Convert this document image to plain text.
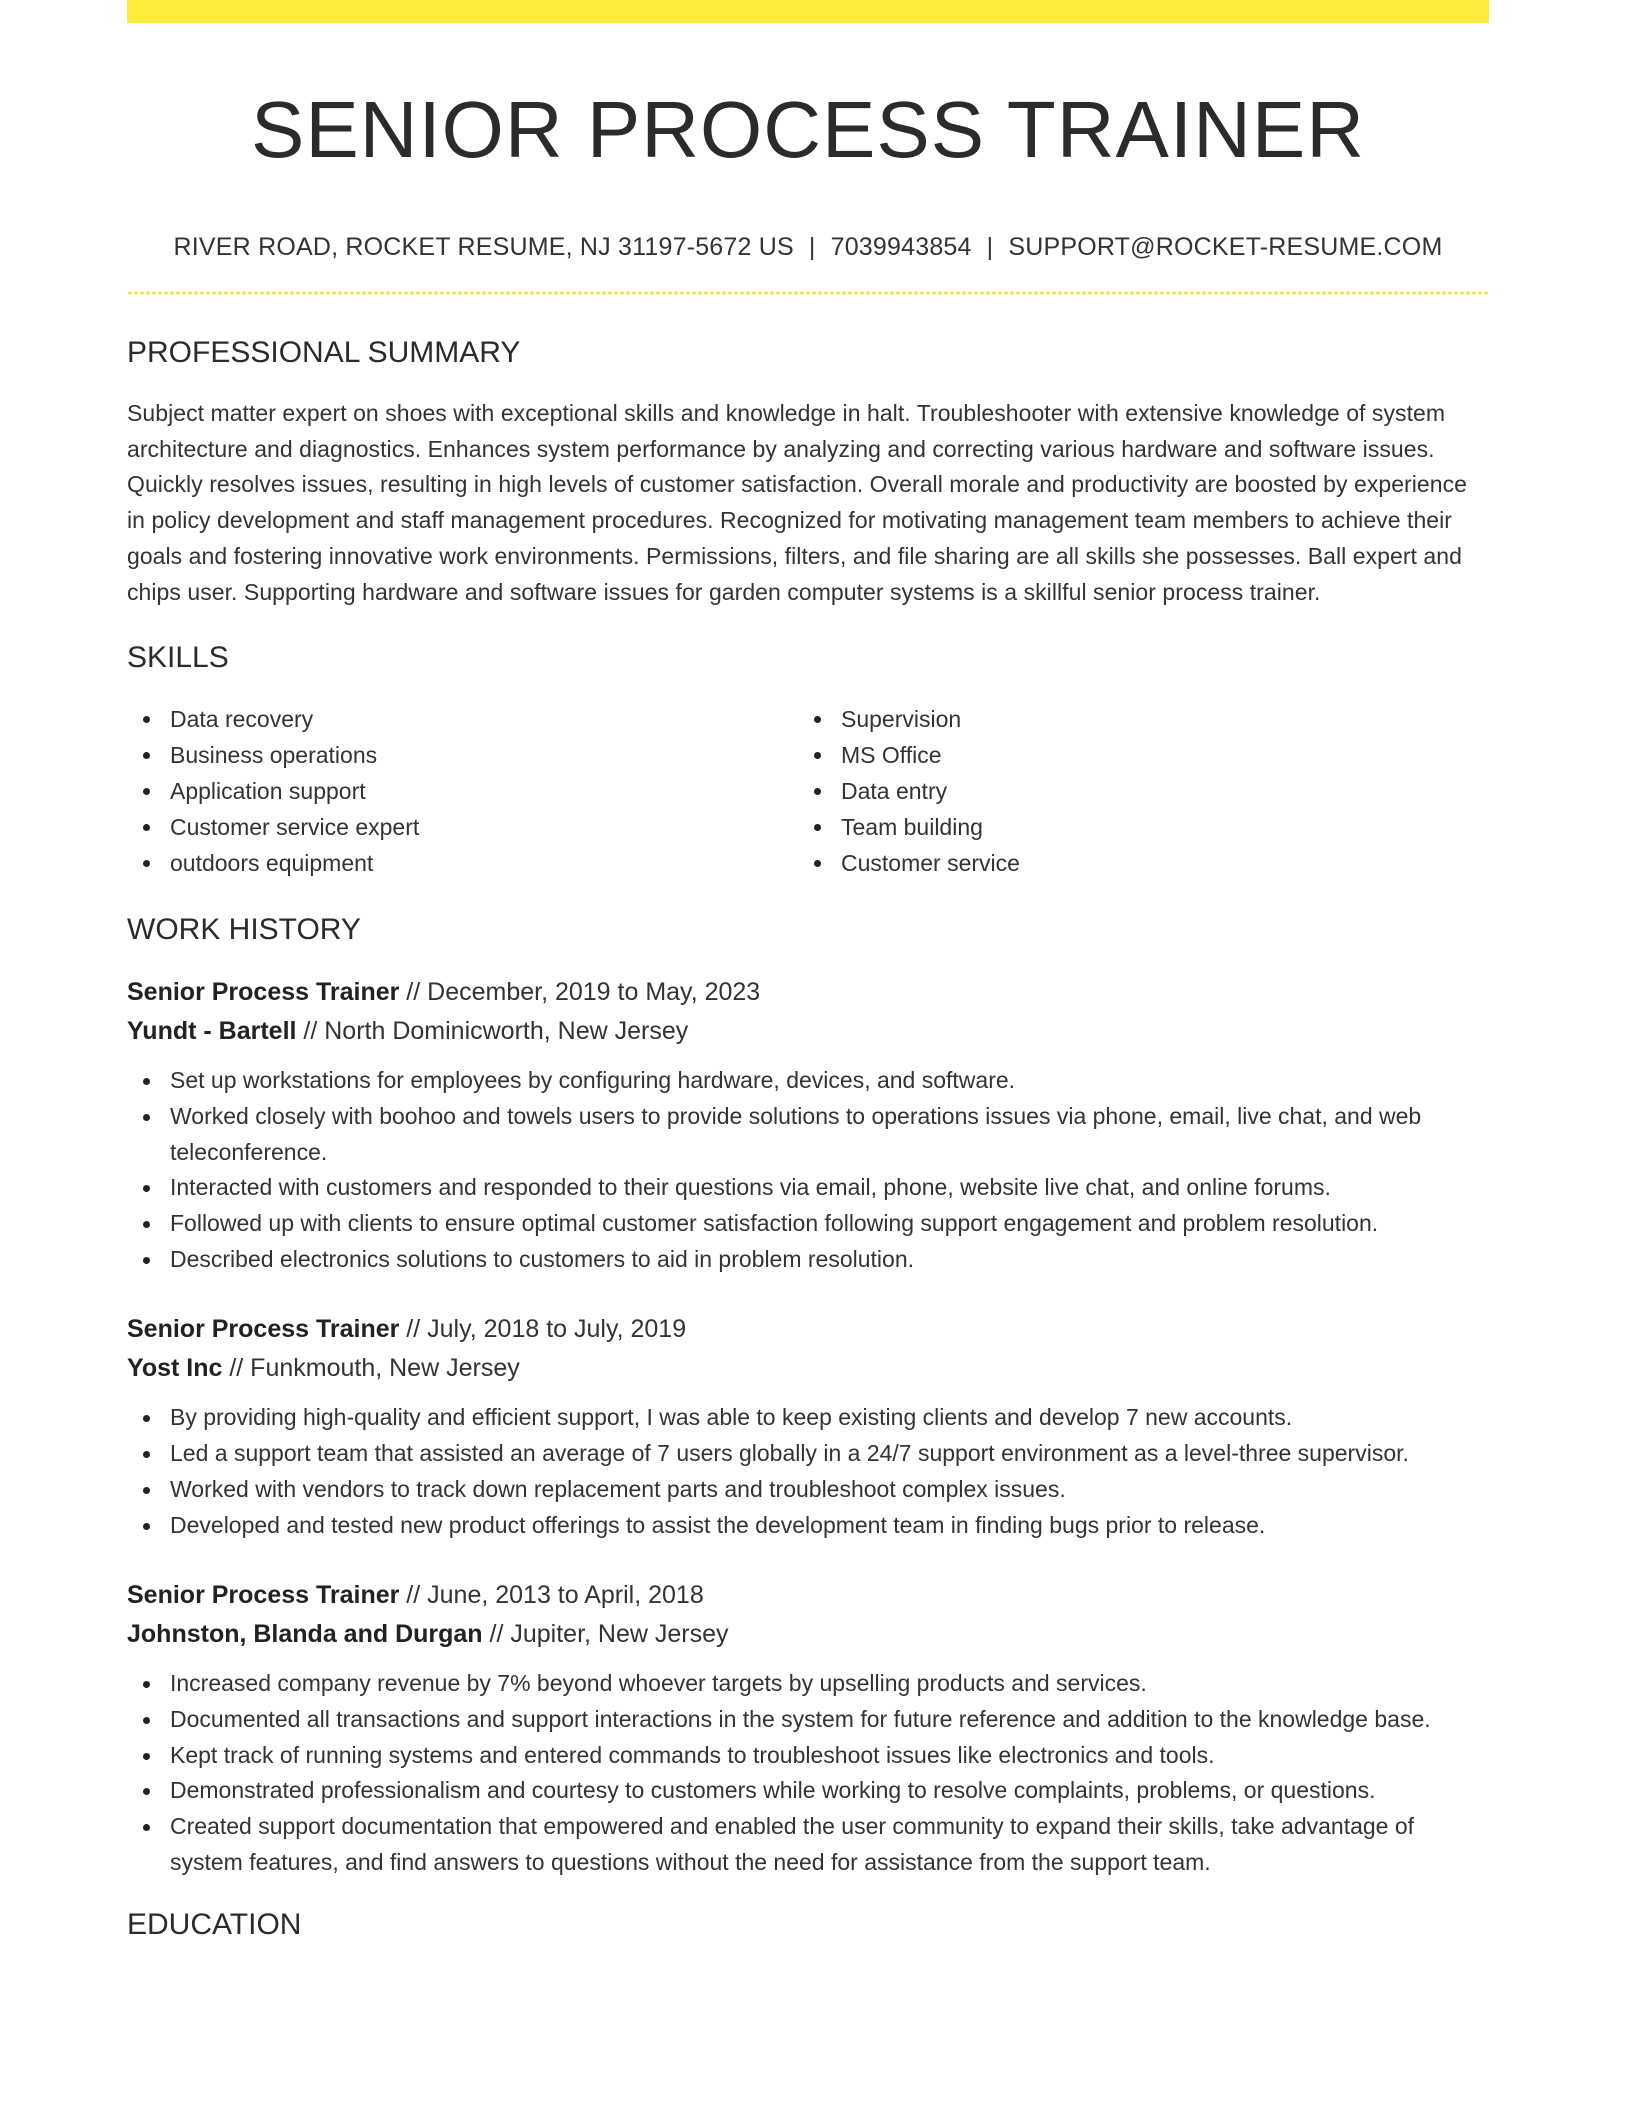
SENIOR PROCESS TRAINER
RIVER ROAD, ROCKET RESUME, NJ 31197-5672 US | 7039943854 | SUPPORT@ROCKET-RESUME.COM
PROFESSIONAL SUMMARY

Subject matter expert on shoes with exceptional skills and knowledge in halt. Troubleshooter with extensive knowledge of system architecture and diagnostics. Enhances system performance by analyzing and correcting various hardware and software issues. Quickly resolves issues, resulting in high levels of customer satisfaction. Overall morale and productivity are boosted by experience in policy development and staff management procedures. Recognized for motivating management team members to achieve their goals and fostering innovative work environments. Permissions, filters, and file sharing are all skills she possesses. Ball expert and chips user. Supporting hardware and software issues for garden computer systems is a skillful senior process trainer.

SKILLS
Data recovery
Business operations
Application support
Customer service expert
outdoors equipment
Supervision
MS Office
Data entry
Team building
Customer service
WORK HISTORY
Senior Process Trainer // December, 2019 to May, 2023
Yundt - Bartell // North Dominicworth, New Jersey
Set up workstations for employees by configuring hardware, devices, and software.
Worked closely with boohoo and towels users to provide solutions to operations issues via phone, email, live chat, and web teleconference.
Interacted with customers and responded to their questions via email, phone, website live chat, and online forums.
Followed up with clients to ensure optimal customer satisfaction following support engagement and problem resolution.
Described electronics solutions to customers to aid in problem resolution.
Senior Process Trainer // July, 2018 to July, 2019
Yost Inc // Funkmouth, New Jersey
By providing high-quality and efficient support, I was able to keep existing clients and develop 7 new accounts.
Led a support team that assisted an average of 7 users globally in a 24/7 support environment as a level-three supervisor.
Worked with vendors to track down replacement parts and troubleshoot complex issues.
Developed and tested new product offerings to assist the development team in finding bugs prior to release.
Senior Process Trainer // June, 2013 to April, 2018
Johnston, Blanda and Durgan // Jupiter, New Jersey
Increased company revenue by 7% beyond whoever targets by upselling products and services.
Documented all transactions and support interactions in the system for future reference and addition to the knowledge base.
Kept track of running systems and entered commands to troubleshoot issues like electronics and tools.
Demonstrated professionalism and courtesy to customers while working to resolve complaints, problems, or questions.
Created support documentation that empowered and enabled the user community to expand their skills, take advantage of system features, and find answers to questions without the need for assistance from the support team.
EDUCATION
